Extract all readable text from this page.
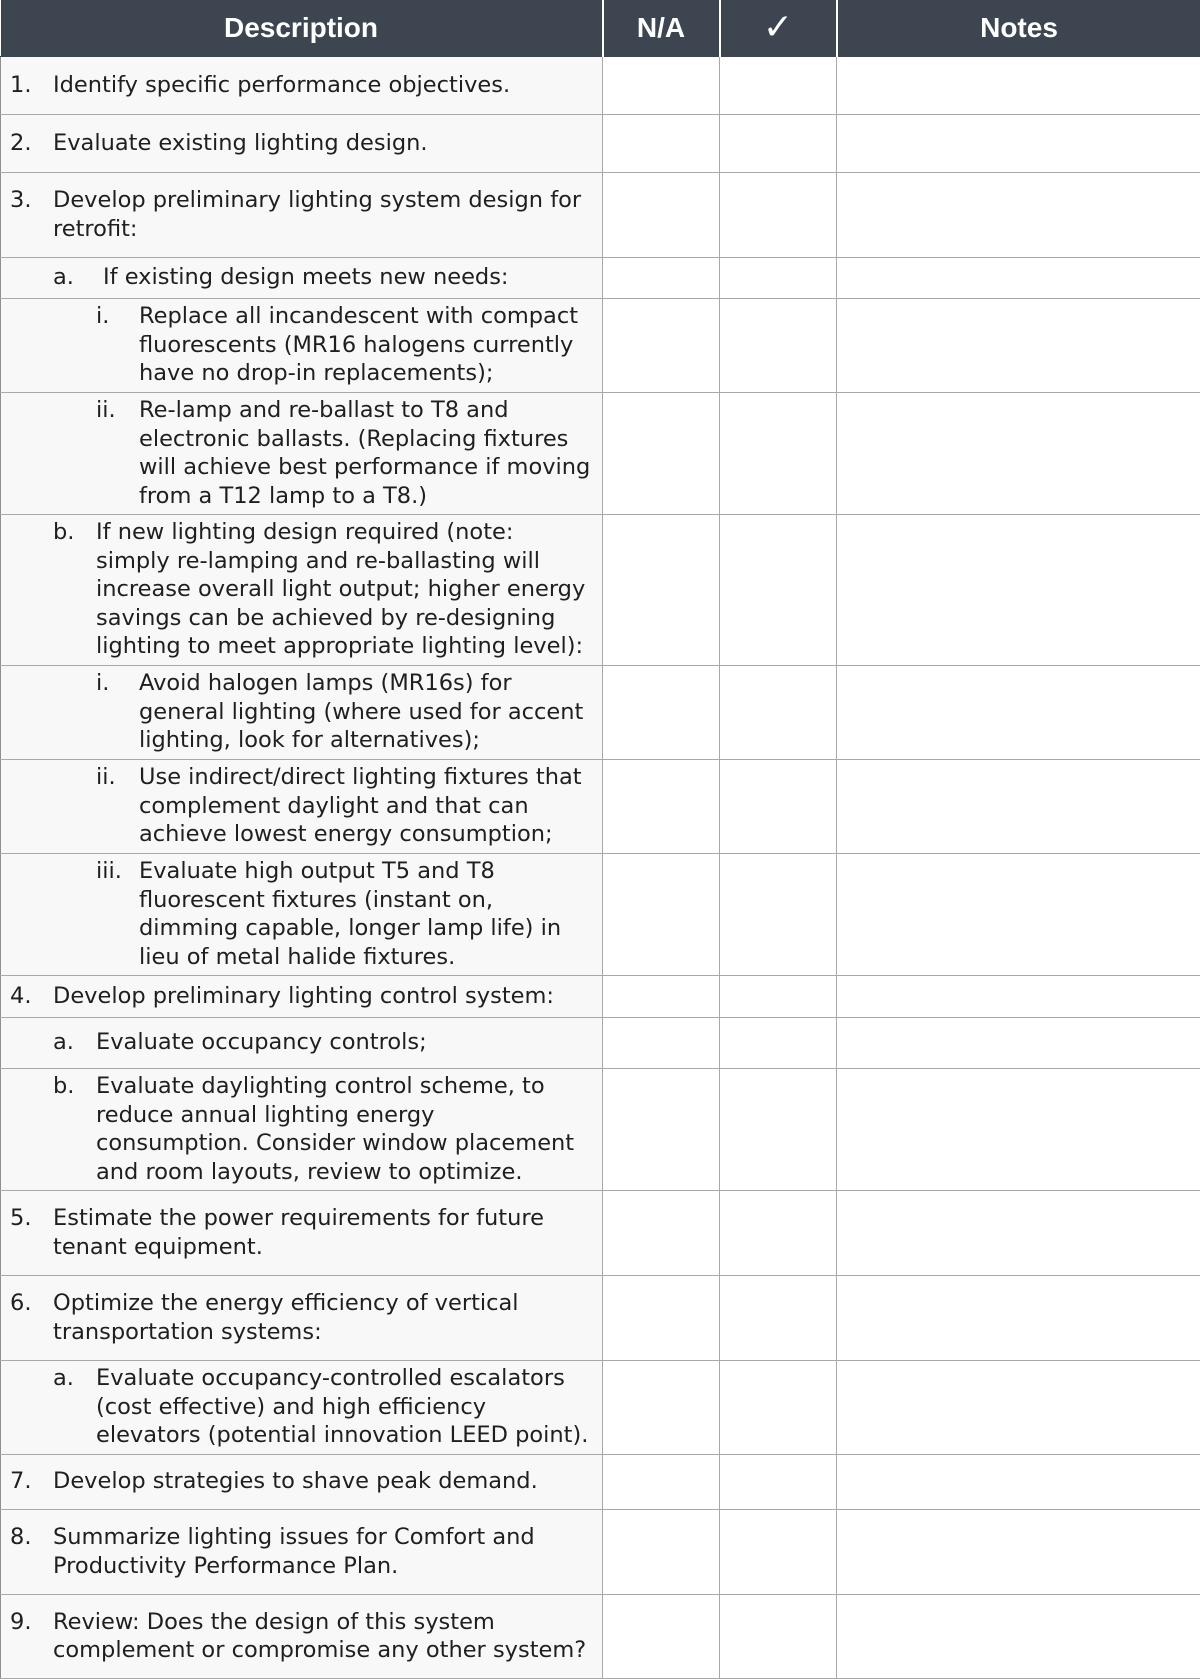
Description	N/A	✓	Notes

1. Identify specific performance objectives.			

2. Evaluate existing lighting design.			

3. Develop preliminary lighting system design for retrofit:			

a. If existing design meets new needs:			

i. Replace all incandescent with compact fluorescents (MR16 halogens currently have no drop-in replacements);			

ii. Re-lamp and re-ballast to T8 and electronic ballasts. (Replacing fixtures will achieve best performance if moving from a T12 lamp to a T8.)			

b. If new lighting design required (note: simply re-lamping and re-ballasting will increase overall light output; higher energy savings can be achieved by re-designing lighting to meet appropriate lighting level):			

i. Avoid halogen lamps (MR16s) for general lighting (where used for accent lighting, look for alternatives);			

ii. Use indirect/direct lighting fixtures that complement daylight and that can achieve lowest energy consumption;			

iii. Evaluate high output T5 and T8 fluorescent fixtures (instant on, dimming capable, longer lamp life) in lieu of metal halide fixtures.			

4. Develop preliminary lighting control system:			

a. Evaluate occupancy controls;			

b. Evaluate daylighting control scheme, to reduce annual lighting energy consumption. Consider window placement and room layouts, review to optimize.			

5. Estimate the power requirements for future tenant equipment.			

6. Optimize the energy efficiency of vertical transportation systems:			

a. Evaluate occupancy-controlled escalators (cost effective) and high efficiency elevators (potential innovation LEED point).			

7. Develop strategies to shave peak demand.			

8. Summarize lighting issues for Comfort and Productivity Performance Plan.			

9. Review: Does the design of this system complement or compromise any other system?			
